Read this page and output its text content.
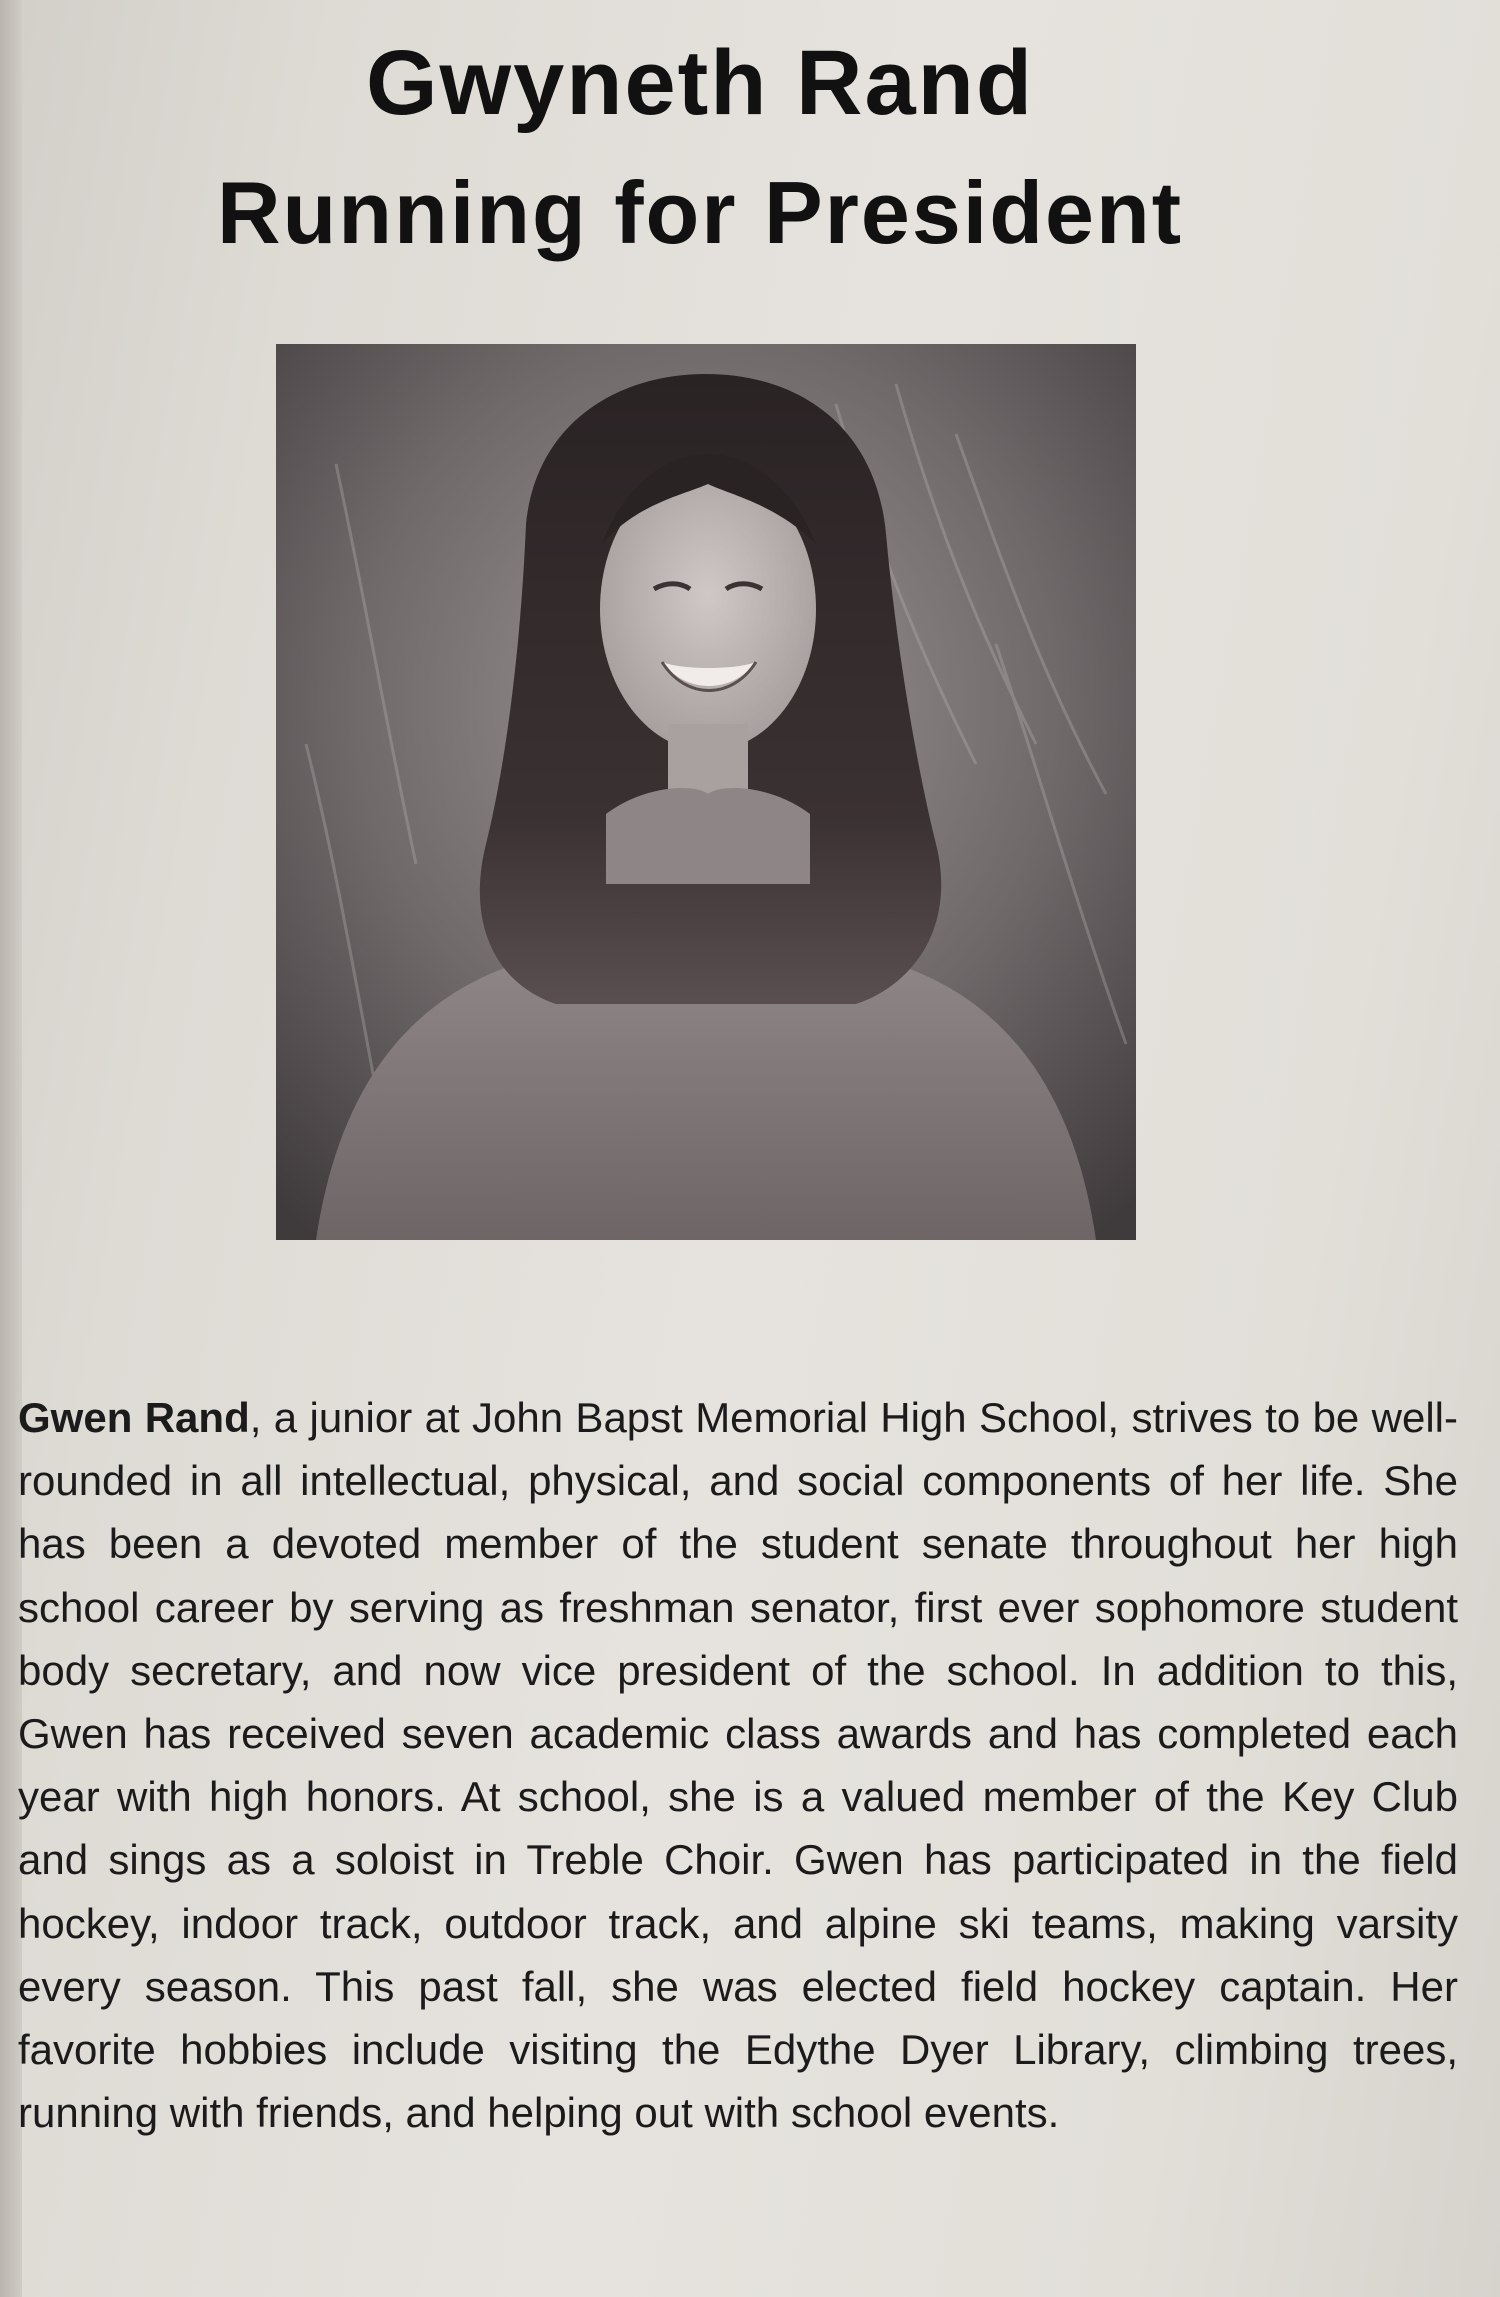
Gwyneth Rand
Running for President

Gwen Rand, a junior at John Bapst Memorial High School, strives to be well-rounded in all intellectual, physical, and social components of her life. She has been a devoted member of the student senate throughout her high school career by serving as freshman senator, first ever sophomore student body secretary, and now vice president of the school. In addition to this, Gwen has received seven academic class awards and has completed each year with high honors. At school, she is a valued member of the Key Club and sings as a soloist in Treble Choir. Gwen has participated in the field hockey, indoor track, outdoor track, and alpine ski teams, making varsity every season. This past fall, she was elected field hockey captain. Her favorite hobbies include visiting the Edythe Dyer Library, climbing trees, running with friends, and helping out with school events.
